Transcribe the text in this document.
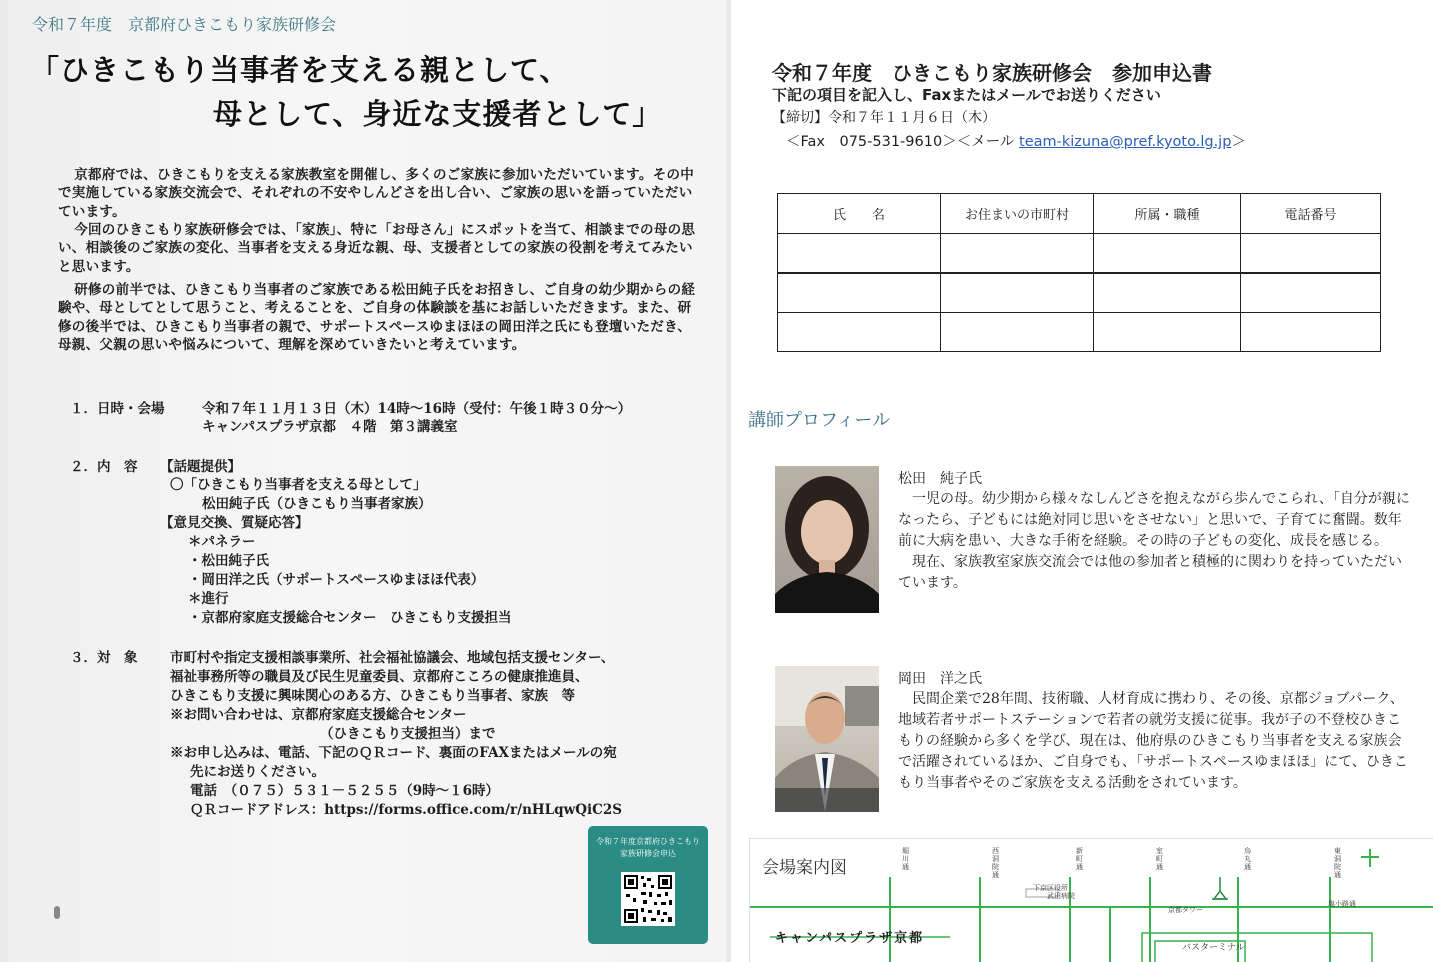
令和７年度　京都府ひきこもり家族研修会
「ひきこもり当事者を支える親として、
母として、身近な支援者として」
京都府では、ひきこもりを支える家族教室を開催し、多くのご家族に参加いただいています。その中で実施している家族交流会で、それぞれの不安やしんどさを出し合い、ご家族の思いを語っていただいています。
今回のひきこもり家族研修会では、「家族」、特に「お母さん」にスポットを当て、相談までの母の思い、相談後のご家族の変化、当事者を支える身近な親、母、支援者としての家族の役割を考えてみたいと思います。
研修の前半では、ひきこもり当事者のご家族である松田純子氏をお招きし、ご自身の幼少期からの経験や、母としてとして思うこと、考えることを、ご自身の体験談を基にお話しいただきます。また、研修の後半では、ひきこもり当事者の親で、サポートスペースゆまほほの岡田洋之氏にも登壇いただき、母親、父親の思いや悩みについて、理解を深めていきたいと考えています。
１．日時・会場	令和７年１１月１３日（木）14時～16時（受付：午後１時３０分～）
キャンパスプラザ京都　４階　第３講義室
２．内　容 【話題提供】
〇「ひきこもり当事者を支える母として」
松田純子氏（ひきこもり当事者家族）
【意見交換、質疑応答】
＊パネラー
・松田純子氏
・岡田洋之氏（サポートスペースゆまほほ代表）
＊進行
・京都府家庭支援総合センター　ひきこもり支援担当
３．対　象 市町村や指定支援相談事業所、社会福祉協議会、地域包括支援センター、
福祉事務所等の職員及び民生児童委員、京都府こころの健康推進員、
ひきこもり支援に興味関心のある方、ひきこもり当事者、家族　等
※お問い合わせは、京都府家庭支援総合センター
（ひきこもり支援担当）まで
※お申し込みは、電話、下記のＱＲコード、裏面のFAXまたはメールの宛
先にお送りください。
電話　（０７５）５３１－５２５５（9時～１6時）
ＱＲコードアドレス：https://forms.office.com/r/nHLqwQiC2S
令和７年度京都府ひきこもり家族研修会申込
令和７年度　ひきこもり家族研修会　参加申込書
下記の項目を記入し、Faxまたはメールでお送りください
【締切】令和７年１１月６日（木）
＜Fax　075-531-9610＞＜メール team-kizuna@pref.kyoto.lg.jp＞
氏　　名	お住まいの市町村	所属・職種	電話番号

講師プロフィール
松田　純子氏
　一児の母。幼少期から様々なしんどさを抱えながら歩んでこられ、「自分が親になったら、子どもには絶対同じ思いをさせない」と思いで、子育てに奮闘。数年前に大病を患い、大きな手術を経験。その時の子どもの変化、成長を感じる。
　現在、家族教室家族交流会では他の参加者と積極的に関わりを持っていただいています。
岡田　洋之氏
　民間企業で28年間、技術職、人材育成に携わり、その後、京都ジョブパーク、地域若者サポートステーションで若者の就労支援に従事。我が子の不登校ひきこもりの経験から多くを学び、現在は、他府県のひきこもり当事者を支える家族会で活躍されているほか、ご自身でも、「サポートスペースゆまほほ」にて、ひきこもり当事者やそのご家族を支える活動をされています。
会場案内図
キャンパスプラザ京都
堀川通
西洞院通
新町通
室町通
烏丸通
東洞院通
京都タワー
塩小路通
武田病院
下京区役所
バスターミナル
